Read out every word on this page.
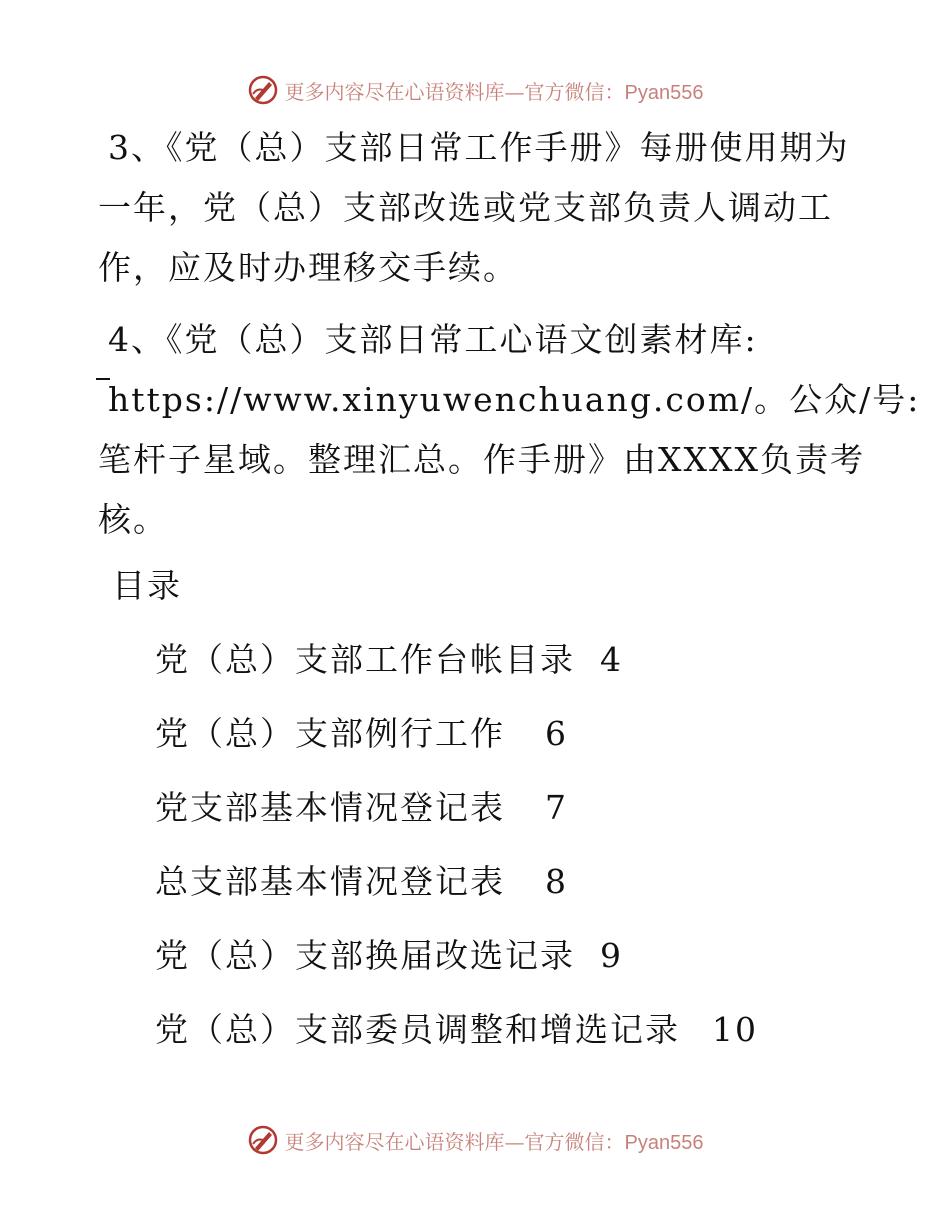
更多内容尽在心语资料库—官方微信：Pyan556
3、《党（总）支部日常工作手册》每册使用期为
一年，党（总）支部改选或党支部负责人调动工
作，应及时办理移交手续。
4、《党（总）支部日常工心语文创素材库:
https://www.xinyuwenchuang.com/。公众/号:
笔杆子星域。整理汇总。作手册》由XXXX负责考
核。
目录
党（总）支部工作台帐目录 4
党（总）支部例行工作 6
党支部基本情况登记表 7
总支部基本情况登记表 8
党（总）支部换届改选记录 9
党（总）支部委员调整和增选记录 10
更多内容尽在心语资料库—官方微信：Pyan556
